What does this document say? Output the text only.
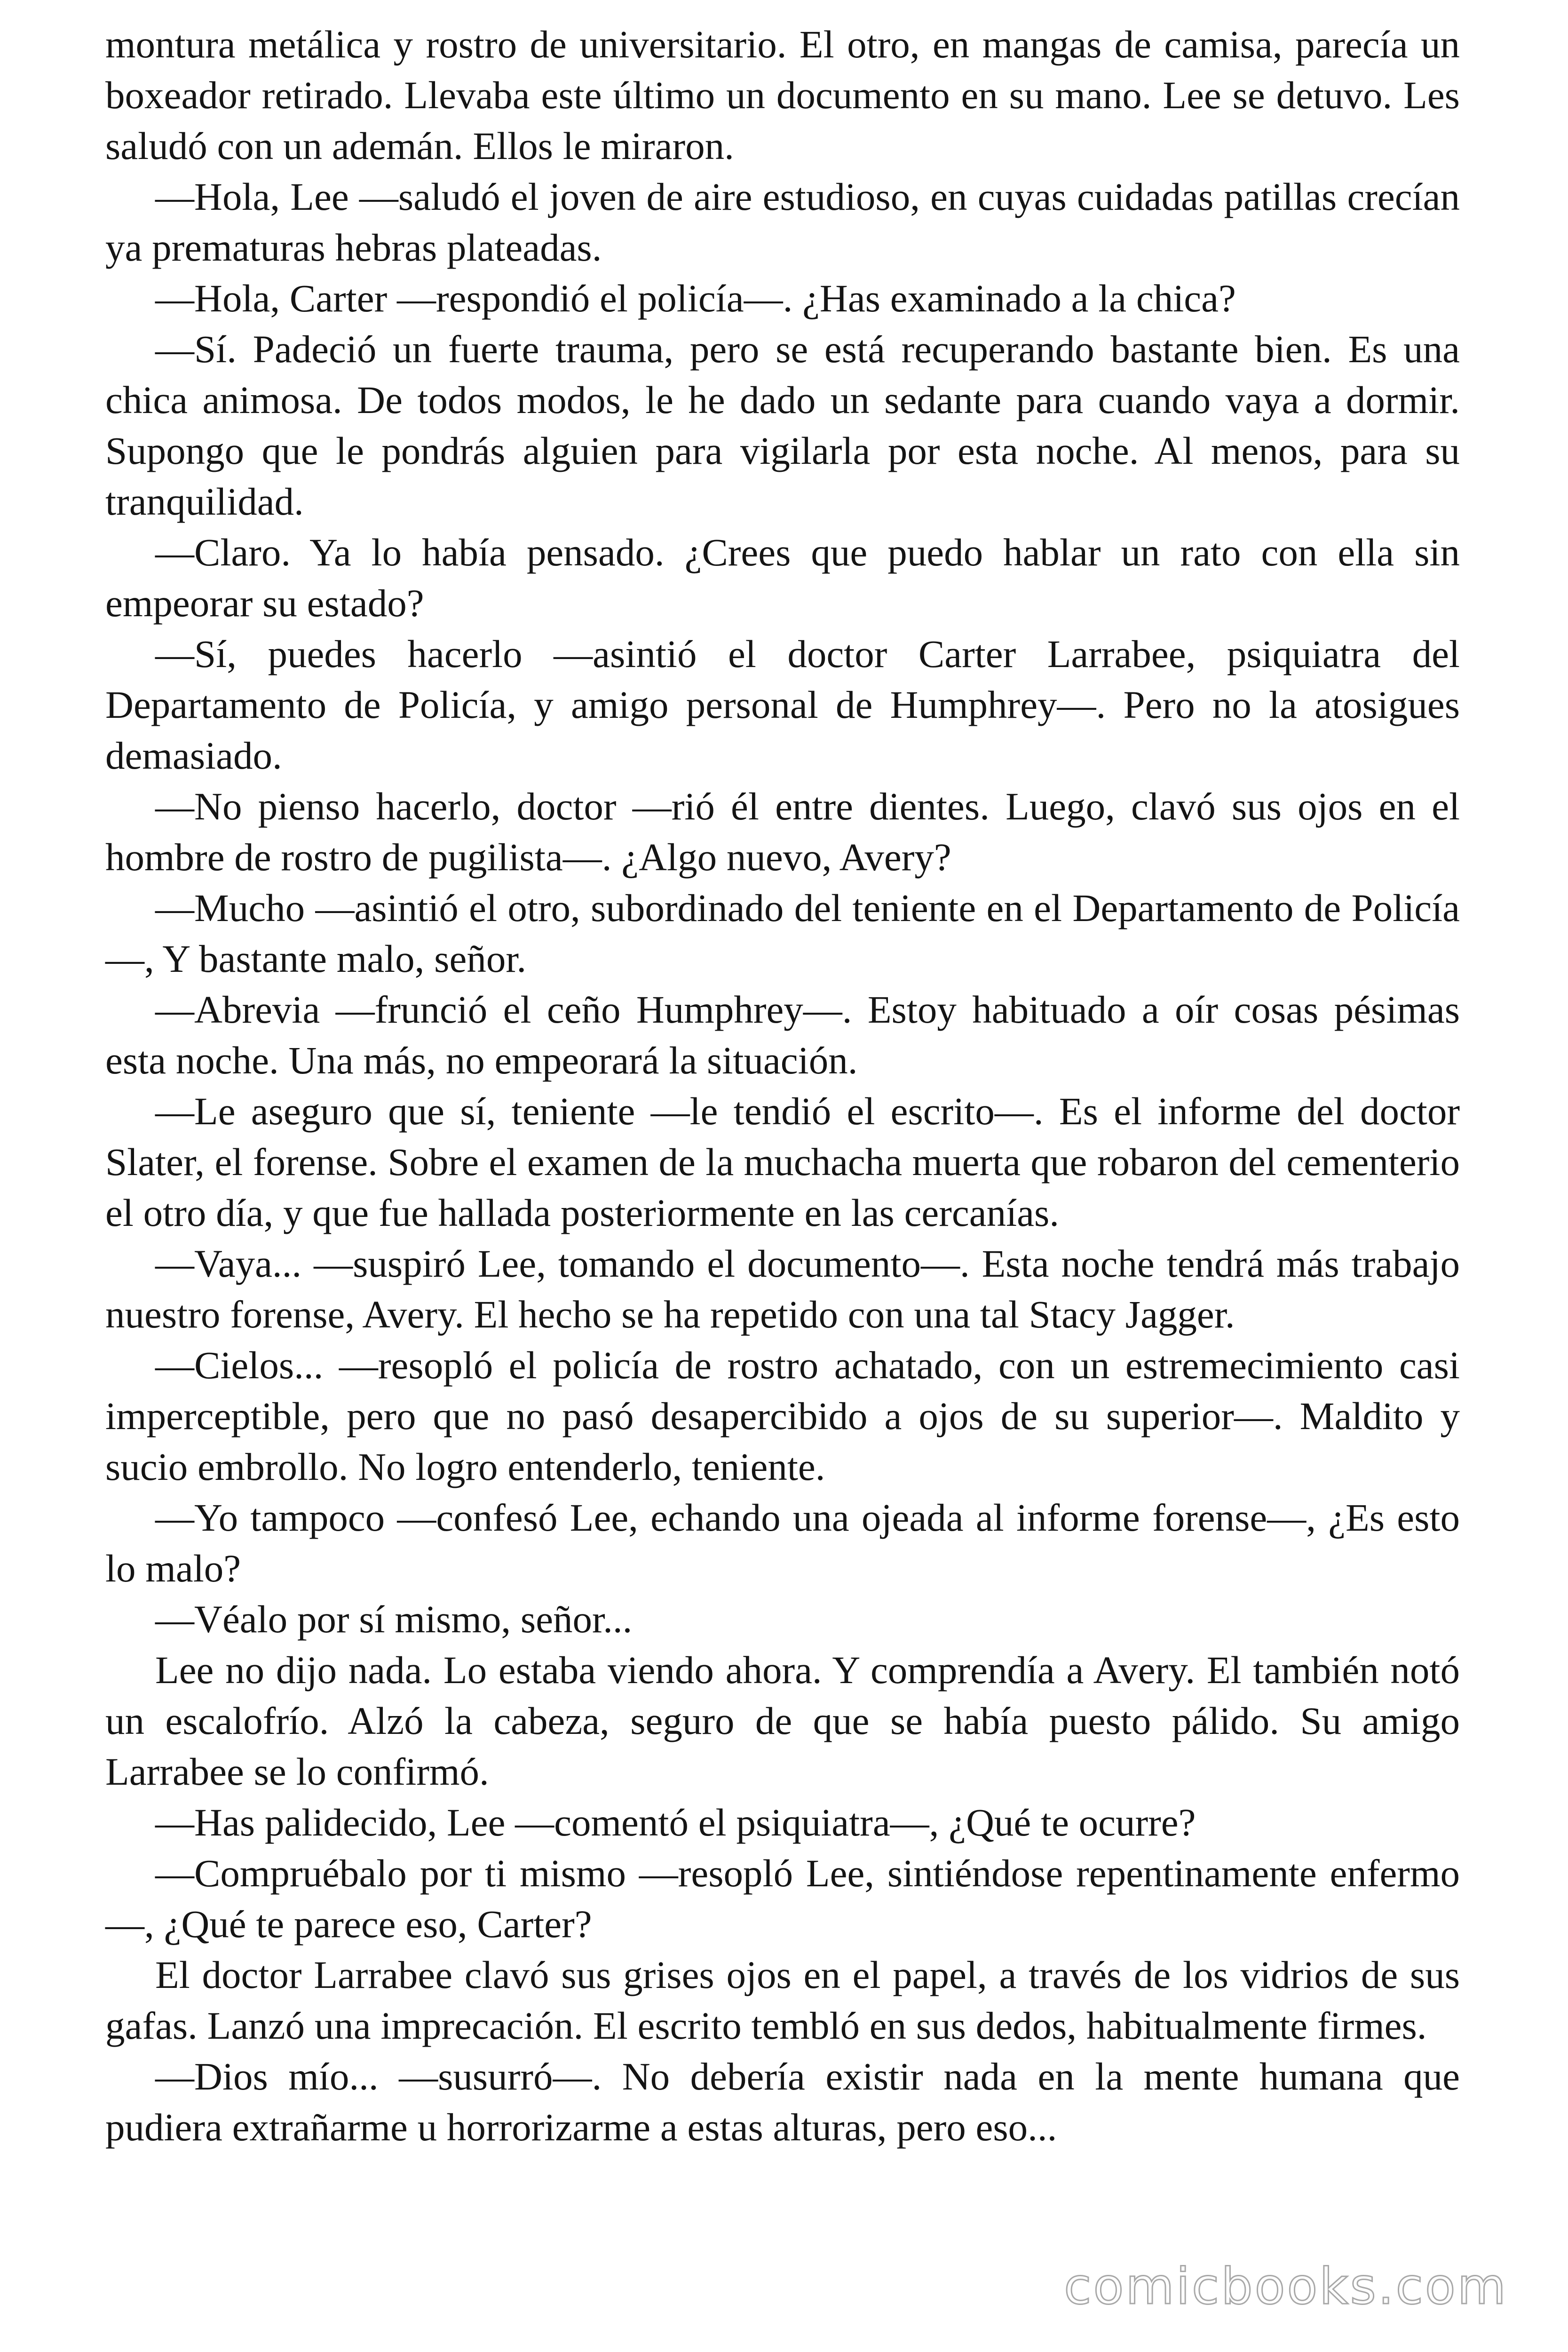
montura metálica y rostro de universitario. El otro, en mangas de camisa, parecía un boxeador retirado. Llevaba este último un documento en su mano. Lee se detuvo. Les saludó con un ademán. Ellos le miraron.

—Hola, Lee —saludó el joven de aire estudioso, en cuyas cuidadas patillas crecían ya prematuras hebras plateadas.

—Hola, Carter —respondió el policía—. ¿Has examinado a la chica?

—Sí. Padeció un fuerte trauma, pero se está recuperando bastante bien. Es una chica animosa. De todos modos, le he dado un sedante para cuando vaya a dormir. Supongo que le pondrás alguien para vigilarla por esta noche. Al menos, para su tranquilidad.

—Claro. Ya lo había pensado. ¿Crees que puedo hablar un rato con ella sin empeorar su estado?

—Sí, puedes hacerlo —asintió el doctor Carter Larrabee, psiquiatra del Departamento de Policía, y amigo personal de Humphrey—. Pero no la atosigues demasiado.

—No pienso hacerlo, doctor —rió él entre dientes. Luego, clavó sus ojos en el hombre de rostro de pugilista—. ¿Algo nuevo, Avery?

—Mucho —asintió el otro, subordinado del teniente en el Departamento de Policía—, Y bastante malo, señor.

—Abrevia —frunció el ceño Humphrey—. Estoy habituado a oír cosas pésimas esta noche. Una más, no empeorará la situación.

—Le aseguro que sí, teniente —le tendió el escrito—. Es el informe del doctor Slater, el forense. Sobre el examen de la muchacha muerta que robaron del cementerio el otro día, y que fue hallada posteriormente en las cercanías.

—Vaya... —suspiró Lee, tomando el documento—. Esta noche tendrá más trabajo nuestro forense, Avery. El hecho se ha repetido con una tal Stacy Jagger.

—Cielos... —resopló el policía de rostro achatado, con un estremecimiento casi imperceptible, pero que no pasó desapercibido a ojos de su superior—. Maldito y sucio embrollo. No logro entenderlo, teniente.

—Yo tampoco —confesó Lee, echando una ojeada al informe forense—, ¿Es esto lo malo?

—Véalo por sí mismo, señor...

Lee no dijo nada. Lo estaba viendo ahora. Y comprendía a Avery. El también notó un escalofrío. Alzó la cabeza, seguro de que se había puesto pálido. Su amigo Larrabee se lo confirmó.

—Has palidecido, Lee —comentó el psiquiatra—, ¿Qué te ocurre?

—Compruébalo por ti mismo —resopló Lee, sintiéndose repentinamente enfermo—, ¿Qué te parece eso, Carter?

El doctor Larrabee clavó sus grises ojos en el papel, a través de los vidrios de sus gafas. Lanzó una imprecación. El escrito tembló en sus dedos, habitualmente firmes.

—Dios mío... —susurró—. No debería existir nada en la mente humana que pudiera extrañarme u horrorizarme a estas alturas, pero eso...

comicbooks.com
